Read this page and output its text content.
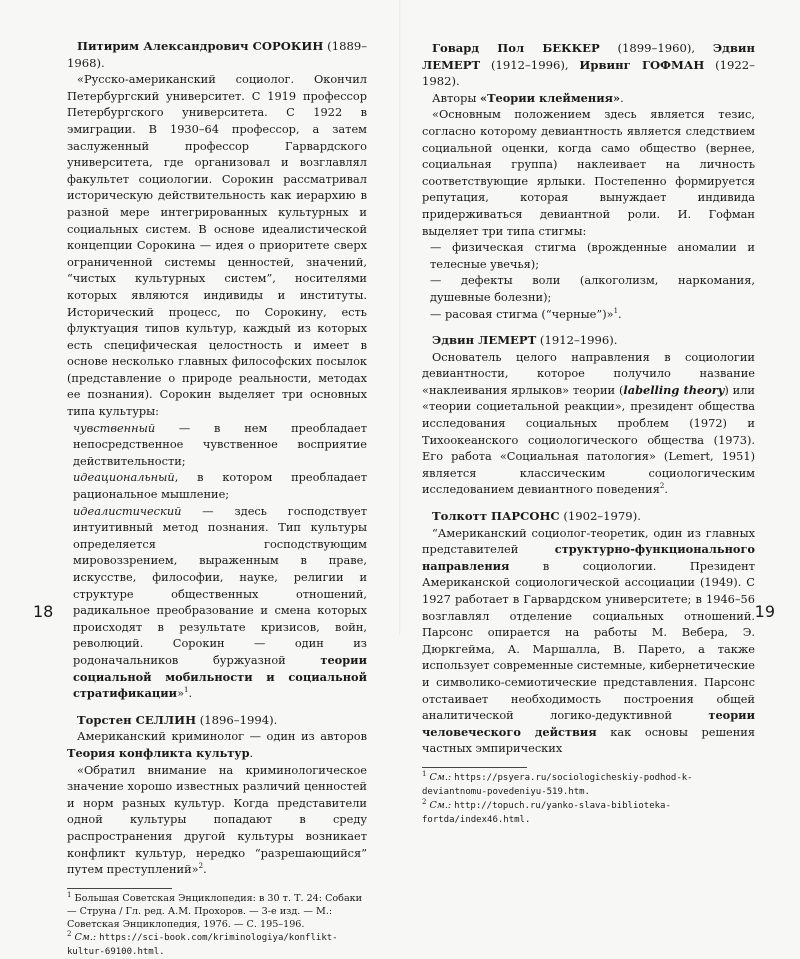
Питирим Александрович СОРОКИН (1889–1968).

«Русско-американский социолог. Окончил Петербургский университет. С 1919 профессор Петербургского университета. С 1922 в эмиграции. В 1930–64 профессор, а затем заслуженный профессор Гарвардского университета, где организовал и возглавлял факультет социологии. Сорокин рассматривал историческую действительность как иерархию в разной мере интегрированных культурных и социальных систем. В основе идеалистической концепции Сорокина — идея о приоритете сверх ограниченной системы ценностей, значений, “чистых культурных систем”, носителями которых являются индивиды и институты. Исторический процесс, по Сорокину, есть флуктуация типов культур, каждый из которых есть специфическая целостность и имеет в основе несколько главных философских посылок (представление о природе реальности, методах ее познания). Сорокин выделяет три основных типа культуры:

чувственный — в нем преобладает непосредственное чувственное восприятие действительности;

идеациональный, в котором преобладает рациональное мышление;

идеалистический — здесь господствует интуитивный метод познания. Тип культуры определяется господствующим мировоззрением, выраженным в праве, искусстве, философии, науке, религии и структуре общественных отношений, радикальное преобразование и смена которых происходят в результате кризисов, войн, революций. Сорокин — один из родоначальников буржуазной теории социальной мобильности и социальной стратификации»$^1$.

Торстен СЕЛЛИН (1896–1994).

Американский криминолог — один из авторов Теория конфликта культур.

«Обратил внимание на криминологическое значение хорошо известных различий ценностей и норм разных культур. Когда представители одной культуры попадают в среду распространения другой культуры возникает конфликт культур, нередко “разрешающийся” путем преступлений»$^2$.

$^1$ Большая Советская Энциклопедия: в 30 т. Т. 24: Собаки — Струна / Гл. ред. А.М. Прохоров. — 3-е изд. — М.: Советская Энциклопедия, 1976. — С. 195–196.

$^2$ См.: https://sci-book.com/kriminologiya/konflikt-kultur-69100.html.

18
Говард Пол БЕККЕР (1899–1960), Эдвин ЛЕМЕРТ (1912–1996), Ирвинг ГОФМАН (1922–1982).

Авторы «Теории клеймения».

«Основным положением здесь является тезис, согласно которому девиантность является следствием социальной оценки, когда само общество (вернее, социальная группа) наклеивает на личность соответствующие ярлыки. Постепенно формируется репутация, которая вынуждает индивида придерживаться девиантной роли. И. Гофман выделяет три типа стигмы:

— физическая стигма (врожденные аномалии и телесные увечья);

— дефекты воли (алкоголизм, наркомания, душевные болезни);

— расовая стигма (“черные”)»$^1$.

Эдвин ЛЕМЕРТ (1912–1996).

Основатель целого направления в социологии девиантности, которое получило название «наклеивания ярлыков» теории (labelling theory) или «теории социетальной реакции», президент общества исследования социальных проблем (1972) и Тихоокеанского социологического общества (1973). Его работа «Социальная патология» (Lemert, 1951) является классическим социологическим исследованием девиантного поведения$^2$.

Толкотт ПАРСОНС (1902–1979).

“Американский социолог-теоретик, один из главных представителей структурно-функционального направления в социологии. Президент Американской социологической ассоциации (1949). С 1927 работает в Гарвардском университете; в 1946–56 возглавлял отделение социальных отношений. Парсонс опирается на работы М. Вебера, Э. Дюркгейма, А. Маршалла, В. Парето, а также использует современные системные, кибернетические и символико-семиотические представления. Парсонс отстаивает необходимость построения общей аналитической логико-дедуктивной теории человеческого действия как основы решения частных эмпирических

$^1$ См.: https://psyera.ru/sociologicheskiy-podhod-k-deviantnomu-povedeniyu-519.htm.

$^2$ См.: http://topuch.ru/yanko-slava-biblioteka-fortda/index46.html.

19
